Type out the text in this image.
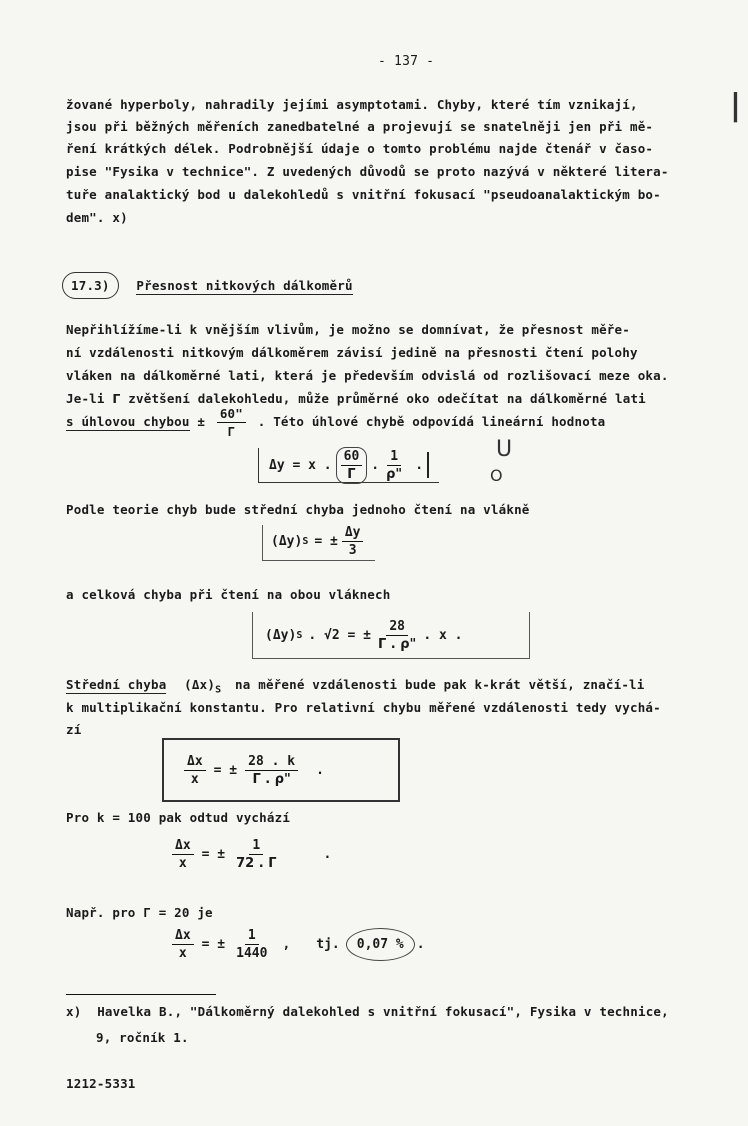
- 137 -
žované hyperboly, nahradily jejími asymptotami. Chyby, které tím vznikají,
jsou při běžných měřeních zanedbatelné a projevují se snatelněji jen při mě-
ření krátkých délek. Podrobnější údaje o tomto problému najde čtenář v časo-
pise "Fysika v technice". Z uvedených důvodů se proto nazývá v některé litera-
tuře analaktický bod u dalekohledů s vnitřní fokusací "pseudoanalaktickým bo-
dem". x)
|
17.3) Přesnost nitkových dálkoměrů
Nepřihlížíme-li k vnějším vlivům, je možno se domnívat, že přesnost měře-
ní vzdálenosti nitkovým dálkoměrem závisí jedině na přesnosti čtení polohy
vláken na dálkoměrné lati, která je především odvislá od rozlišovací meze oka.
Je-li Γ zvětšení dalekohledu, může průměrné oko odečítat na dálkoměrné lati
s úhlovou chybou ± $\frac{60"}{\Gamma}$ . Této úhlové chybě odpovídá lineární hodnota
Δy = x . $\frac{60}{\Gamma}$ . $\frac{1}{\rho"}$ .
U
O
Podle teorie chyb bude střední chyba jednoho čtení na vlákně
(Δy) S = ± $\frac{\Delta y}{3}$
a celková chyba při čtení na obou vláknech
(Δy) S . √2 = ± $\frac{28}{\Gamma . \rho"}$ . x .
Střední chyba $(\Delta x)_S$ na měřené vzdálenosti bude pak k-krát větší, značí-li
k multiplikační konstantu. Pro relativní chybu měřené vzdálenosti tedy vychá-
zí
$\frac{\Delta x}{x}$ = ± $\frac{28 . k}{\Gamma . \rho"}$ .
Pro k = 100 pak odtud vychází
$\frac{\Delta x}{x}$ = ± $\frac{1}{72 . \Gamma}$	.
Např. pro Γ = 20 je
$\frac{\Delta x}{x}$ = ± $\frac{1}{1440}$ , tj.	0,07 %	.
x) Havelka B., "Dálkoměrný dalekohled s vnitřní fokusací", Fysika v technice,
9, ročník 1.
1212-5331
